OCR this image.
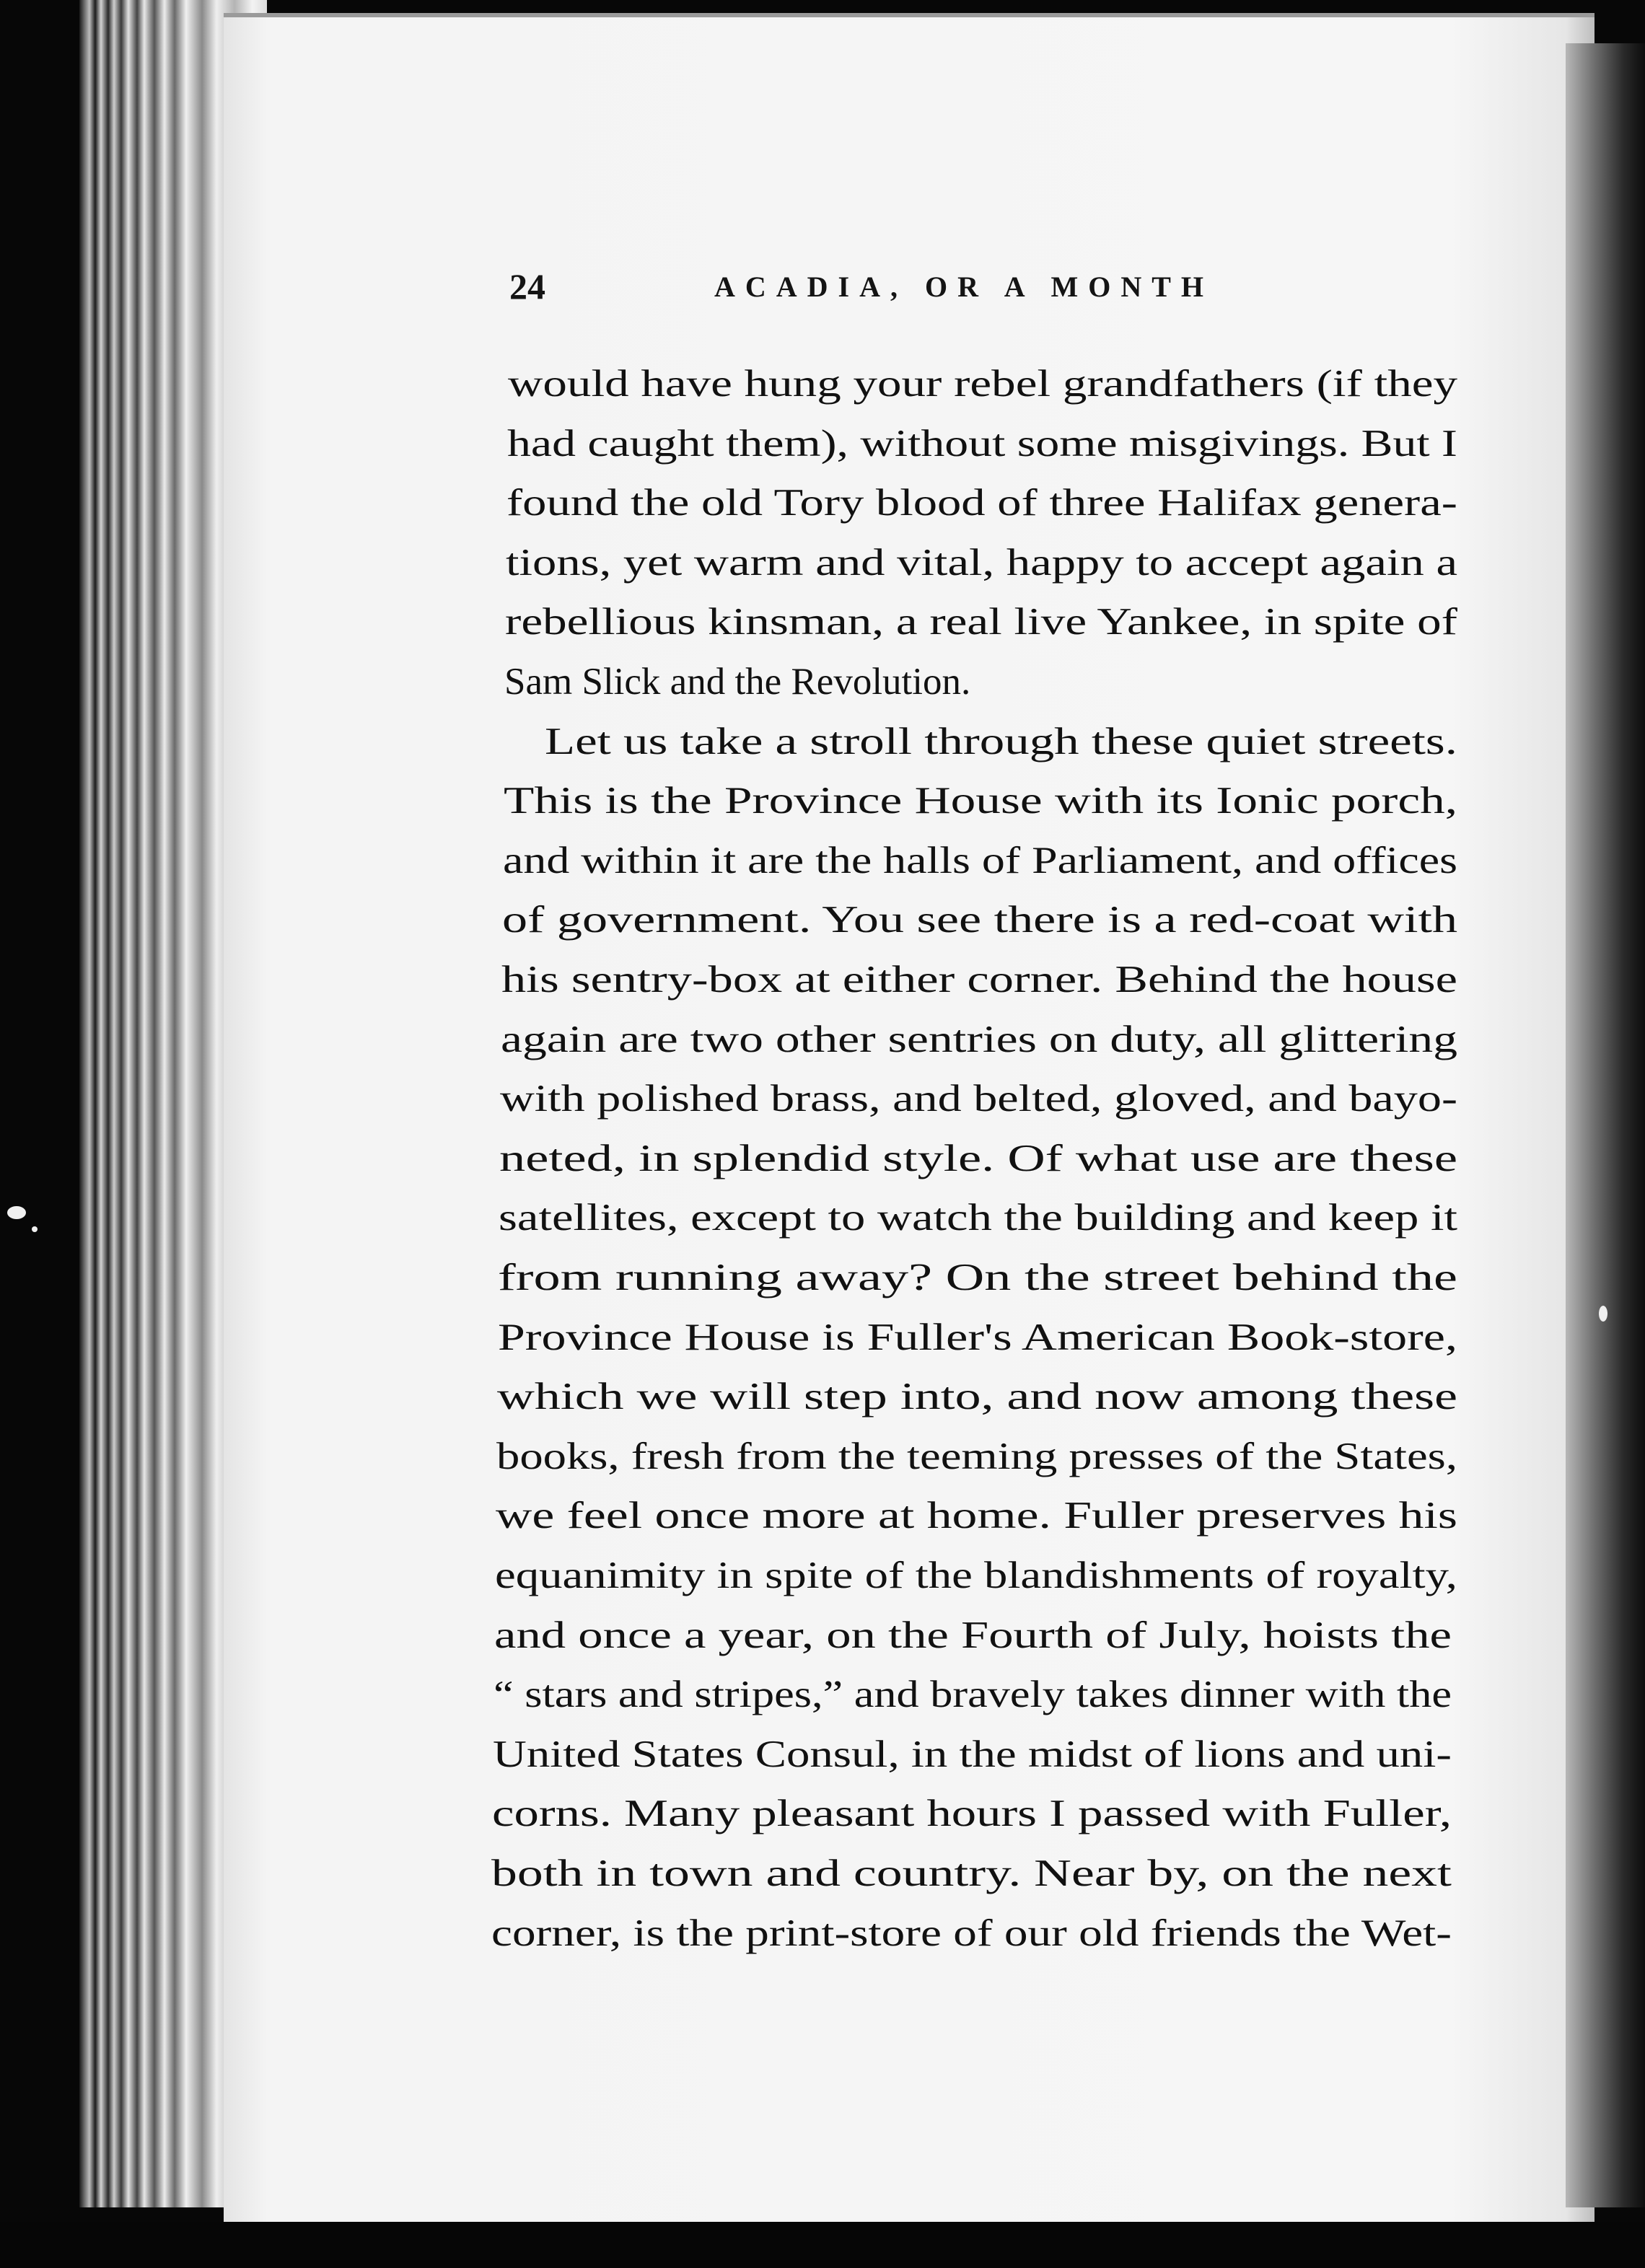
24	ACADIA, OR A MONTH
would have hung your rebel grandfathers (if they
had caught them), without some misgivings. But I
found the old Tory blood of three Halifax genera-
tions, yet warm and vital, happy to accept again a
rebellious kinsman, a real live Yankee, in spite of
Sam Slick and the Revolution.
Let us take a stroll through these quiet streets.
This is the Province House with its Ionic porch,
and within it are the halls of Parliament, and offices
of government. You see there is a red-coat with
his sentry-box at either corner. Behind the house
again are two other sentries on duty, all glittering
with polished brass, and belted, gloved, and bayo-
neted, in splendid style. Of what use are these
satellites, except to watch the building and keep it
from running away? On the street behind the
Province House is Fuller's American Book-store,
which we will step into, and now among these
books, fresh from the teeming presses of the States,
we feel once more at home. Fuller preserves his
equanimity in spite of the blandishments of royalty,
and once a year, on the Fourth of July, hoists the
“ stars and stripes,” and bravely takes dinner with the
United States Consul, in the midst of lions and uni-
corns. Many pleasant hours I passed with Fuller,
both in town and country. Near by, on the next
corner, is the print-store of our old friends the Wet-
